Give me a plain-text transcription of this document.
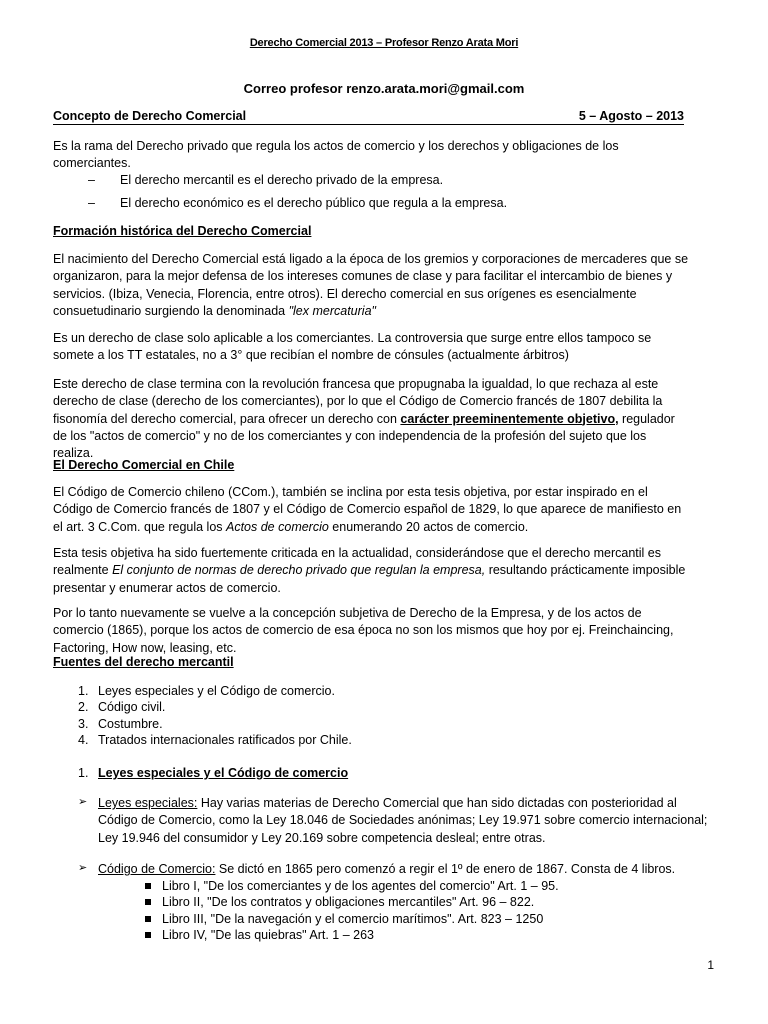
Derecho Comercial 2013 – Profesor Renzo Arata Mori
Correo profesor renzo.arata.mori@gmail.com
Concepto de Derecho Comercial	5 – Agosto – 2013

Es la rama del Derecho privado que regula los actos de comercio y los derechos y obligaciones de los comerciantes.

– El derecho mercantil es el derecho privado de la empresa.
– El derecho económico es el derecho público que regula a la empresa.
Formación histórica del Derecho Comercial

El nacimiento del Derecho Comercial está ligado a la época de los gremios y corporaciones de mercaderes que se organizaron, para la mejor defensa de los intereses comunes de clase y para facilitar el intercambio de bienes y servicios. (Ibiza, Venecia, Florencia, entre otros). El derecho comercial en sus orígenes es esencialmente consuetudinario surgiendo la denominada "lex mercaturia"

Es un derecho de clase solo aplicable a los comerciantes. La controversia que surge entre ellos tampoco se somete a los TT estatales, no a 3° que recibían el nombre de cónsules (actualmente árbitros)

Este derecho de clase termina con la revolución francesa que propugnaba la igualdad, lo que rechaza al este derecho de clase (derecho de los comerciantes), por lo que el Código de Comercio francés de 1807 debilita la fisonomía del derecho comercial, para ofrecer un derecho con carácter preeminentemente objetivo, regulador de los "actos de comercio" y no de los comerciantes y con independencia de la profesión del sujeto que los realiza.

El Derecho Comercial en Chile

El Código de Comercio chileno (CCom.), también se inclina por esta tesis objetiva, por estar inspirado en el Código de Comercio francés de 1807 y el Código de Comercio español de 1829, lo que aparece de manifiesto en el art. 3 C.Com. que regula los Actos de comercio enumerando 20 actos de comercio.

Esta tesis objetiva ha sido fuertemente criticada en la actualidad, considerándose que el derecho mercantil es realmente El conjunto de normas de derecho privado que regulan la empresa, resultando prácticamente imposible presentar y enumerar actos de comercio.

Por lo tanto nuevamente se vuelve a la concepción subjetiva de Derecho de la Empresa, y de los actos de comercio (1865), porque los actos de comercio de esa época no son los mismos que hoy por ej. Freinchaincing, Factoring, How now, leasing, etc.

Fuentes del derecho mercantil
1. Leyes especiales y el Código de comercio.
2. Código civil.
3. Costumbre.
4. Tratados internacionales ratificados por Chile.
1. Leyes especiales y el Código de comercio
➢ Leyes especiales: Hay varias materias de Derecho Comercial que han sido dictadas con posterioridad al Código de Comercio, como la Ley 18.046 de Sociedades anónimas; Ley 19.971 sobre comercio internacional; Ley 19.946 del consumidor y Ley 20.169 sobre competencia desleal; entre otras.
➢ Código de Comercio: Se dictó en 1865 pero comenzó a regir el 1º de enero de 1867. Consta de 4 libros.
Libro I, "De los comerciantes y de los agentes del comercio" Art. 1 – 95.
Libro II, "De los contratos y obligaciones mercantiles" Art. 96 – 822.
Libro III, "De la navegación y el comercio marítimos". Art. 823 – 1250
Libro IV, "De las quiebras" Art. 1 – 263
1
